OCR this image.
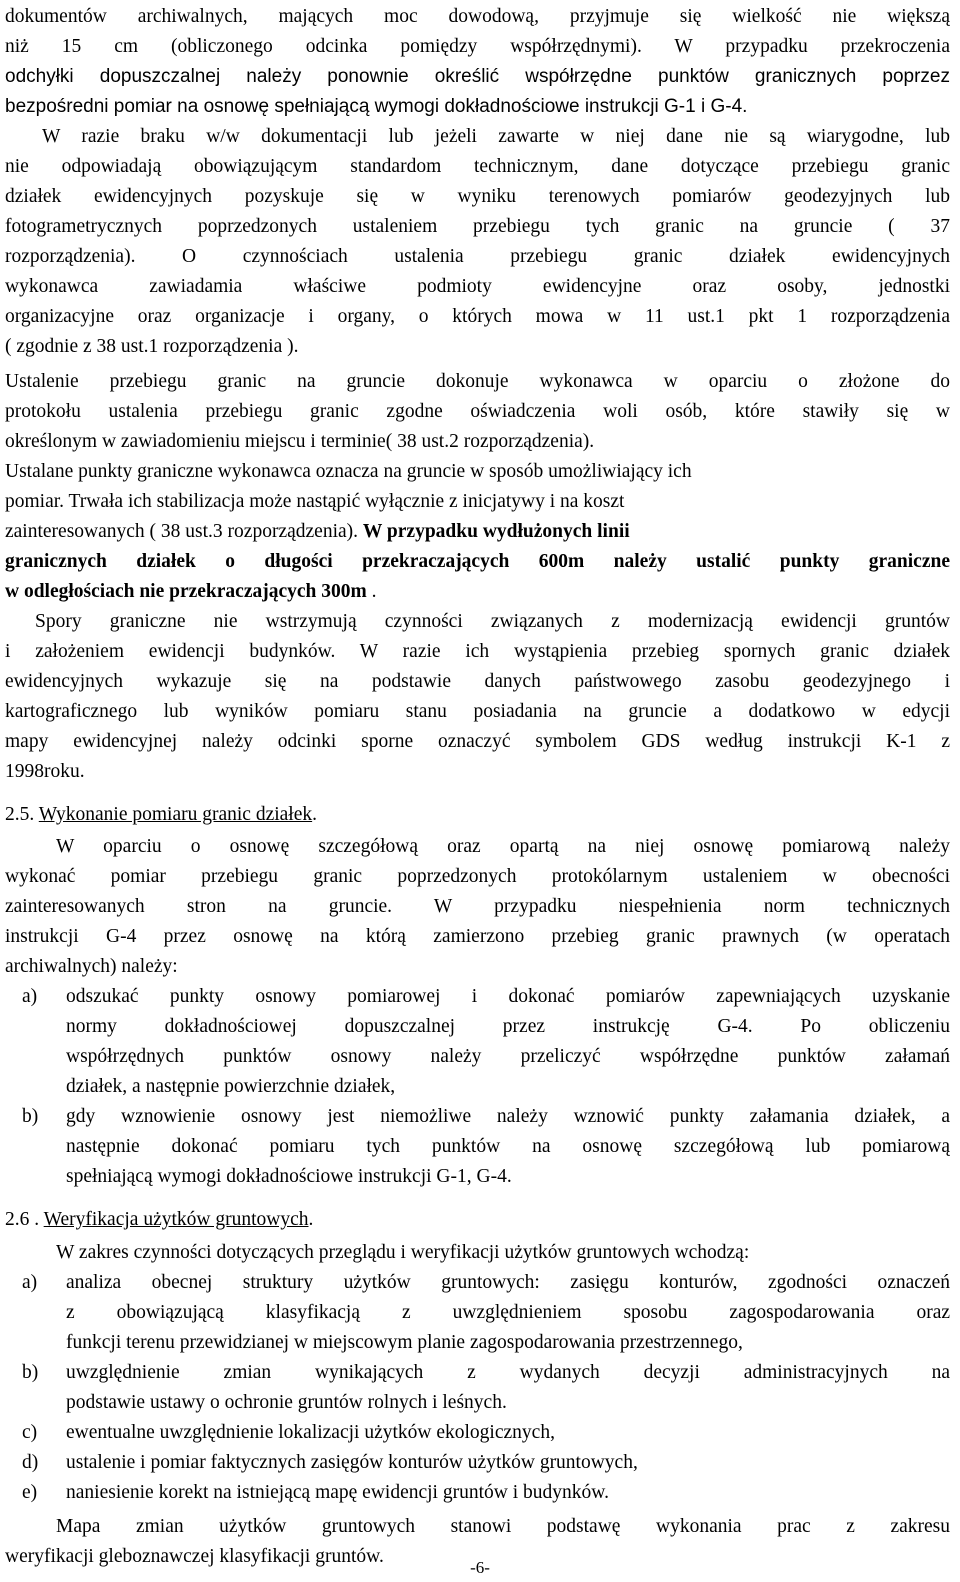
dokumentów archiwalnych, mających moc dowodową, przyjmuje się wielkość nie większą
niż 15 cm (obliczonego odcinka pomiędzy współrzędnymi). W przypadku przekroczenia
odchyłki dopuszczalnej należy ponownie określić współrzędne punktów granicznych poprzez
bezpośredni pomiar na osnowę spełniającą wymogi dokładnościowe instrukcji G-1 i G-4.
W razie braku w/w dokumentacji lub jeżeli zawarte w niej dane nie są wiarygodne, lub
nie odpowiadają obowiązującym standardom technicznym, dane dotyczące przebiegu granic
działek ewidencyjnych pozyskuje się w wyniku terenowych pomiarów geodezyjnych lub
fotogrametrycznych poprzedzonych ustaleniem przebiegu tych granic na gruncie ( 37
rozporządzenia). O czynnościach ustalenia przebiegu granic działek ewidencyjnych
wykonawca zawiadamia właściwe podmioty ewidencyjne oraz osoby, jednostki
organizacyjne oraz organizacje i organy, o których mowa w 11 ust.1 pkt 1 rozporządzenia
( zgodnie z 38 ust.1 rozporządzenia ).
Ustalenie przebiegu granic na gruncie dokonuje wykonawca w oparciu o złożone do
protokołu ustalenia przebiegu granic zgodne oświadczenia woli osób, które stawiły się w
określonym w zawiadomieniu miejscu i terminie( 38 ust.2 rozporządzenia).
Ustalane punkty graniczne wykonawca oznacza na gruncie w sposób umożliwiający ich
pomiar. Trwała ich stabilizacja może nastąpić wyłącznie z inicjatywy i na koszt
zainteresowanych ( 38 ust.3 rozporządzenia). W przypadku wydłużonych linii
granicznych działek o długości przekraczających 600m należy ustalić punkty graniczne
w odległościach nie przekraczających 300m .
Spory graniczne nie wstrzymują czynności związanych z modernizacją ewidencji gruntów
i założeniem ewidencji budynków. W razie ich wystąpienia przebieg spornych granic działek
ewidencyjnych wykazuje się na podstawie danych państwowego zasobu geodezyjnego i
kartograficznego lub wyników pomiaru stanu posiadania na gruncie a dodatkowo w edycji
mapy ewidencyjnej należy odcinki sporne oznaczyć symbolem GDS według instrukcji K-1 z
1998roku.
2.5. Wykonanie pomiaru granic działek.
W oparciu o osnowę szczegółową oraz opartą na niej osnowę pomiarową należy
wykonać pomiar przebiegu granic poprzedzonych protokólarnym ustaleniem w obecności
zainteresowanych stron na gruncie. W przypadku niespełnienia norm technicznych
instrukcji G-4 przez osnowę na którą zamierzono przebieg granic prawnych (w operatach
archiwalnych) należy:
a)	odszukać punkty osnowy pomiarowej i dokonać pomiarów zapewniających uzyskanie
normy dokładnościowej dopuszczalnej przez instrukcję G-4. Po obliczeniu
współrzędnych punktów osnowy należy przeliczyć współrzędne punktów załamań
działek, a następnie powierzchnie działek,
b)	gdy wznowienie osnowy jest niemożliwe należy wznowić punkty załamania działek, a
następnie dokonać pomiaru tych punktów na osnowę szczegółową lub pomiarową
spełniającą wymogi dokładnościowe instrukcji G-1, G-4.
2.6 . Weryfikacja użytków gruntowych.
W zakres czynności dotyczących przeglądu i weryfikacji użytków gruntowych wchodzą:
a)	analiza obecnej struktury użytków gruntowych: zasięgu konturów, zgodności oznaczeń
z obowiązującą klasyfikacją z uwzględnieniem sposobu zagospodarowania oraz
funkcji terenu przewidzianej w miejscowym planie zagospodarowania przestrzennego,
b)	uwzględnienie zmian wynikających z wydanych decyzji administracyjnych na
podstawie ustawy o ochronie gruntów rolnych i leśnych.
c)	ewentualne uwzględnienie lokalizacji użytków ekologicznych,
d)	ustalenie i pomiar faktycznych zasięgów konturów użytków gruntowych,
e)	naniesienie korekt na istniejącą mapę ewidencji gruntów i budynków.
Mapa zmian użytków gruntowych stanowi podstawę wykonania prac z zakresu
weryfikacji gleboznawczej klasyfikacji gruntów.
-6-
